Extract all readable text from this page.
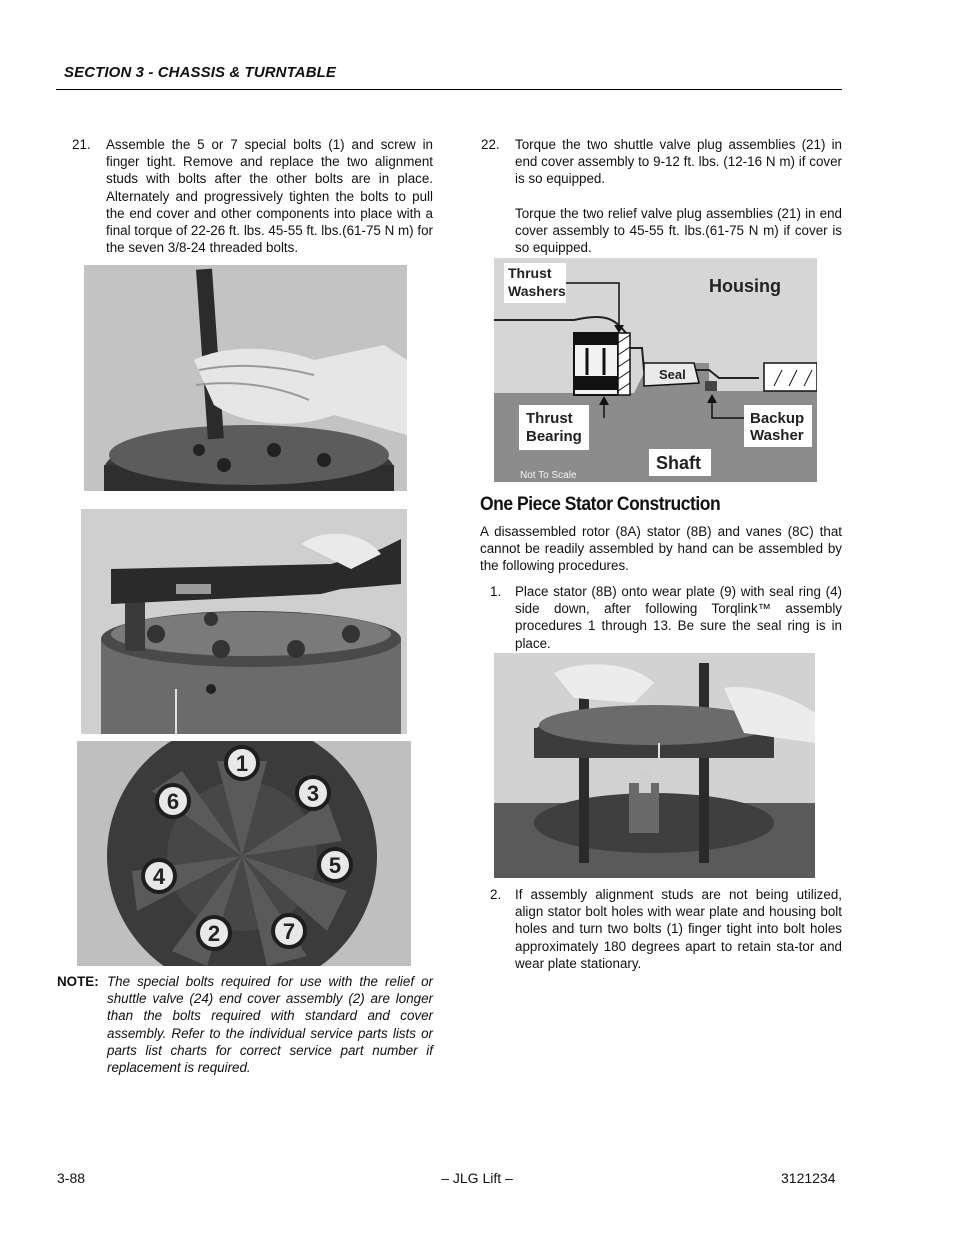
SECTION 3 - CHASSIS & TURNTABLE
21.	Assemble the 5 or 7 special bolts (1) and screw in finger tight. Remove and replace the two alignment studs with bolts after the other bolts are in place. Alternately and progressively tighten the bolts to pull the end cover and other components into place with a final torque of 22-26 ft. lbs. 45-55 ft. lbs.(61-75 N m) for the seven 3/8-24 threaded bolts.
1
3
5
7
2
4
6
NOTE: The special bolts required for use with the relief or shuttle valve (24) end cover assembly (2) are longer than the bolts required with standard and cover assembly. Refer to the individual service parts lists or parts list charts for correct service part number if replacement is required.
22.	Torque the two shuttle valve plug assemblies (21) in end cover assembly to 9-12 ft. lbs. (12-16 N m) if cover is so equipped.

Torque the two relief valve plug assemblies (21) in end cover assembly to 45-55 ft. lbs.(61-75 N m) if cover is so equipped.

Thrust
Washers	Housing
Seal
Thrust
Bearing
Backup
Washer
Shaft
Not To Scale
One Piece Stator Construction

A disassembled rotor (8A) stator (8B) and vanes (8C) that cannot be readily assembled by hand can be assembled by the following procedures.

1.	Place stator (8B) onto wear plate (9) with seal ring (4) side down, after following Torqlink™ assembly procedures 1 through 13. Be sure the seal ring is in place.
2.	If assembly alignment studs are not being utilized, align stator bolt holes with wear plate and housing bolt holes and turn two bolts (1) finger tight into bolt holes approximately 180 degrees apart to retain sta-tor and wear plate stationary.
3-88	– JLG Lift –	3121234
